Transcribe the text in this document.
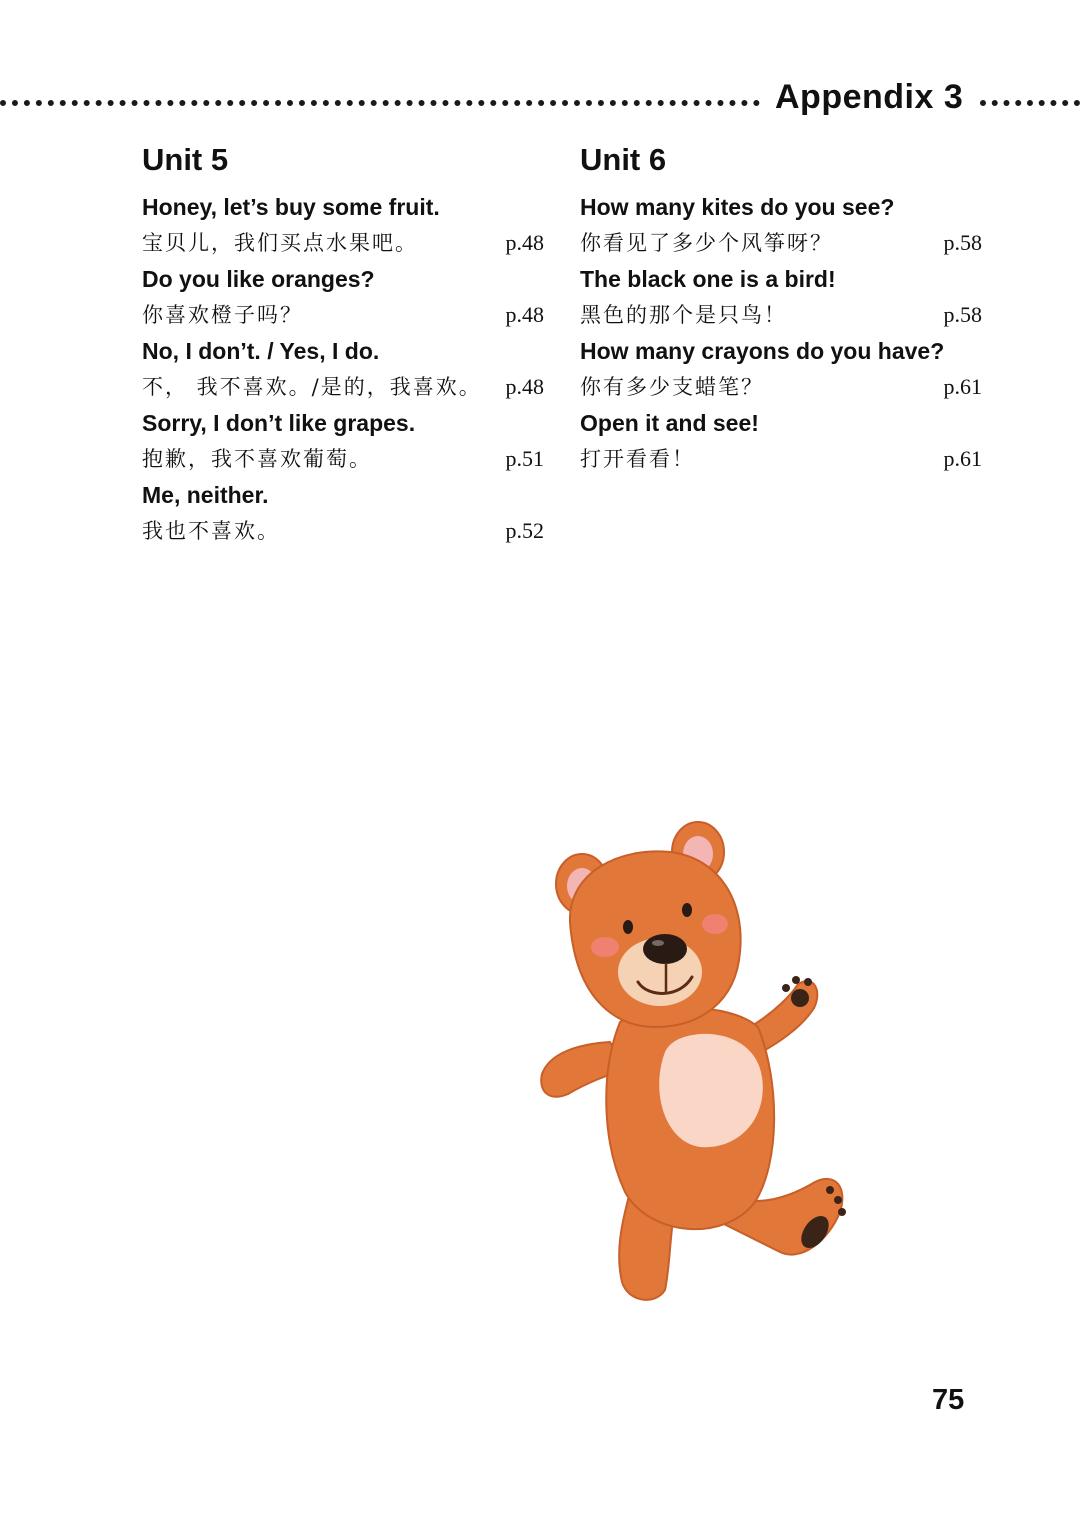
Appendix 3
Unit 5
Honey, let’s buy some fruit.
宝贝儿，我们买点水果吧。	p.48
Do you like oranges?
你喜欢橙子吗？	p.48
No, I don’t. / Yes, I do.
不， 我不喜欢。/是的，我喜欢。 p.48
Sorry, I don’t like grapes.
抱歉，我不喜欢葡萄。	p.51
Me, neither.
我也不喜欢。	p.52
Unit 6
How many kites do you see?
你看见了多少个风筝呀？	p.58
The black one is a bird!
黑色的那个是只鸟！	p.58
How many crayons do you have?
你有多少支蜡笔？	p.61
Open it and see!
打开看看！	p.61
75
